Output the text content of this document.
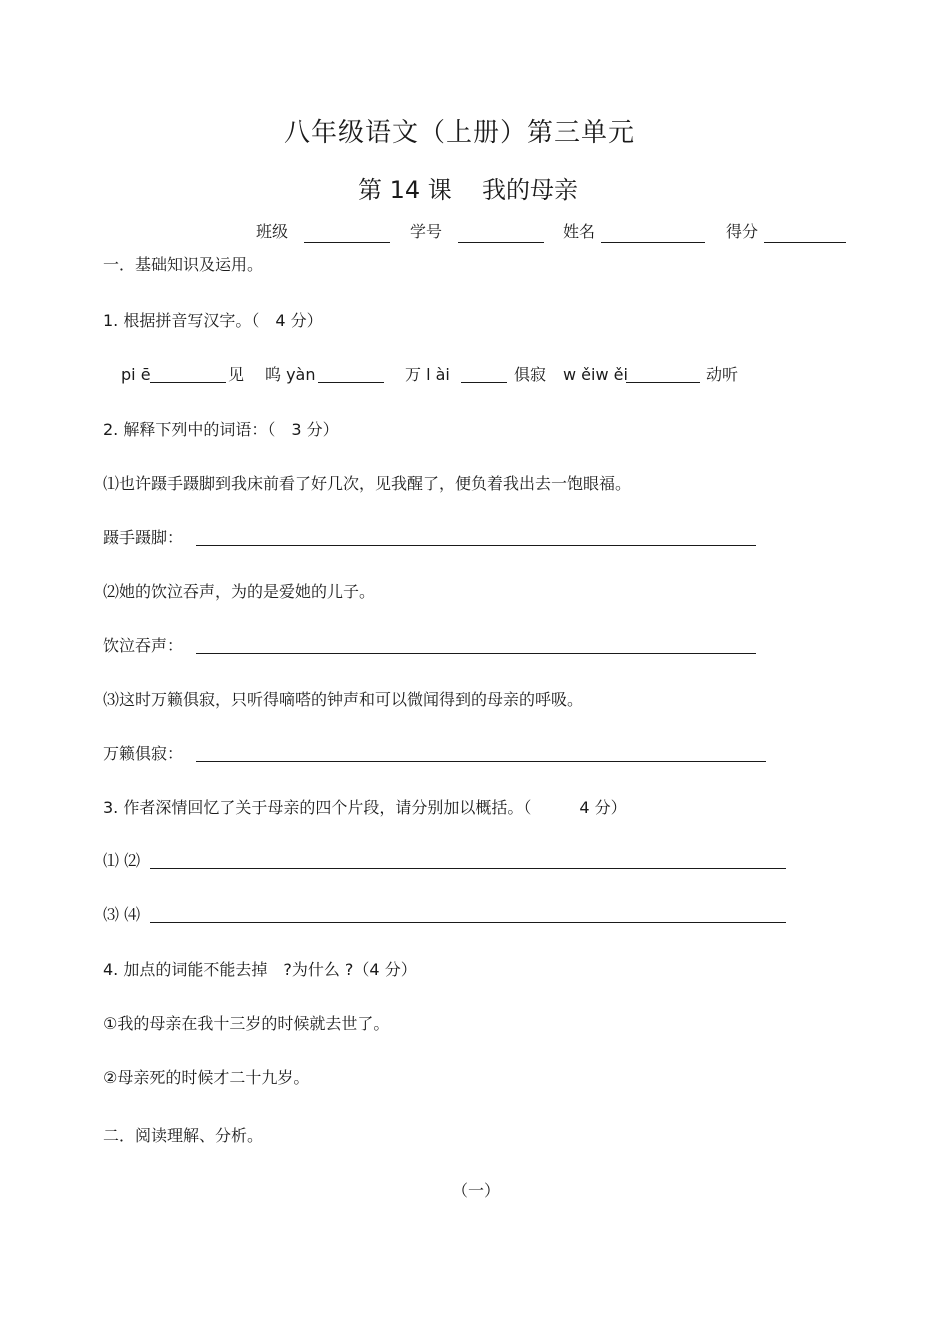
八年级语文（上册）第三单元
第 14 课 我的母亲
班级	学号	姓名	得分
一．基础知识及运用。
1. 根据拼音写汉字。（　4 分）
pi ē	见 呜 yàn	万 l ài	俱寂 w ěiw ěi	动听
2. 解释下列中的词语：（　3 分）
⑴也许蹑手蹑脚到我床前看了好几次，见我醒了，便负着我出去一饱眼福。
蹑手蹑脚：
⑵她的饮泣吞声，为的是爱她的儿子。
饮泣吞声：
⑶这时万籁俱寂，只听得嘀嗒的钟声和可以微闻得到的母亲的呼吸。
万籁俱寂：
3. 作者深情回忆了关于母亲的四个片段，请分别加以概括。（　　　4 分）
⑴ ⑵
⑶ ⑷
4. 加点的词能不能去掉　?为什么 ?（4 分）
①我的母亲在我十三岁的时候就去世了。
②母亲死的时候才二十九岁。
二．阅读理解、分析。
（一）
